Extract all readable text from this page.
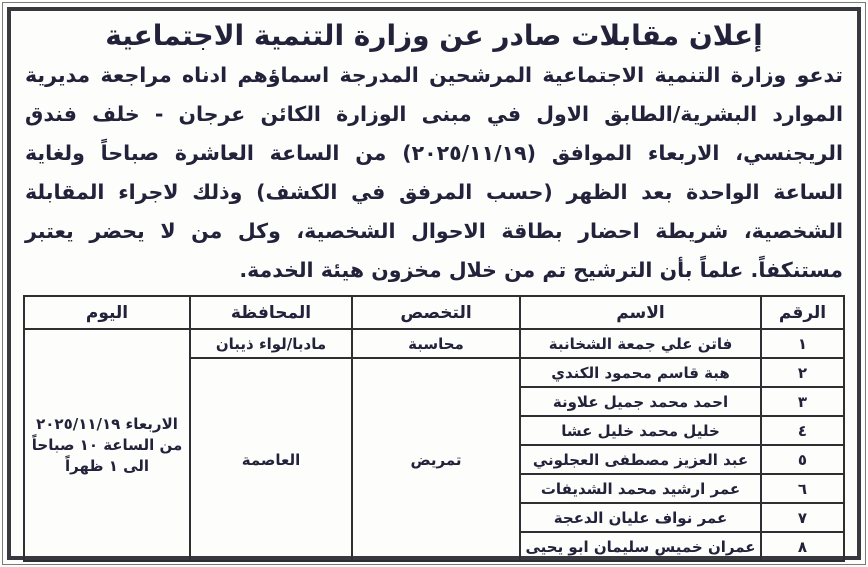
إعلان مقابلات صادر عن وزارة التنمية الاجتماعية

تدعو وزارة التنمية الاجتماعية المرشحين المدرجة اسماؤهم ادناه مراجعة مديرية الموارد البشرية/الطابق الاول في مبنى الوزارة الكائن عرجان - خلف فندق الريجنسي، الاربعاء الموافق (٢٠٢٥/١١/١٩) من الساعة العاشرة صباحاً ولغاية الساعة الواحدة بعد الظهر (حسب المرفق في الكشف) وذلك لاجراء المقابلة الشخصية، شريطة احضار بطاقة الاحوال الشخصية، وكل من لا يحضر يعتبر مستنكفاً. علماً بأن الترشيح تم من خلال مخزون هيئة الخدمة.

الرقم	الاسم	التخصص	المحافظة	اليوم
١	فاتن علي جمعة الشخانبة	محاسبة	مادبا/لواء ذيبان	الاربعاء ٢٠٢٥/١١/١٩
من الساعة ١٠ صباحاً
الى ١ ظهراً

٢	هبة قاسم محمود الكندي	تمريض	العاصمة	
٣	احمد محمد جميل علاونة			
٤	خليل محمد خليل عشا			
٥	عبد العزيز مصطفى العجلوني			
٦	عمر ارشيد محمد الشديفات			
٧	عمر نواف عليان الدعجة			
٨	عمران خميس سليمان ابو يحيى			
